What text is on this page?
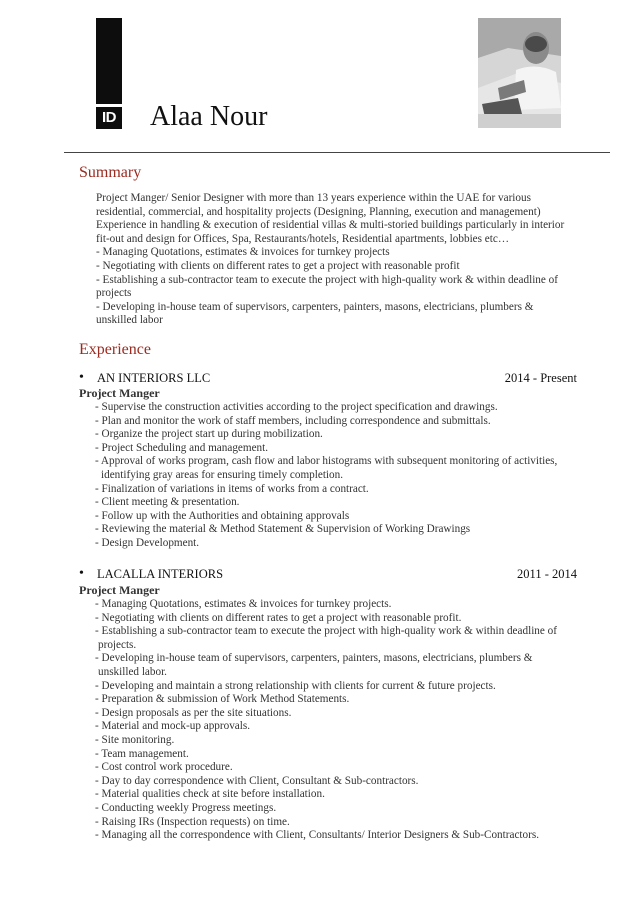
ID Alaa Nour
Summary
Project Manger/ Senior Designer with more than 13 years experience within the UAE for various
residential, commercial, and hospitality projects (Designing, Planning, execution and management)
Experience in handling & execution of residential villas & multi-storied buildings particularly in interior
fit-out and design for Offices, Spa, Restaurants/hotels, Residential apartments, lobbies etc…
- Managing Quotations, estimates & invoices for turnkey projects
- Negotiating with clients on different rates to get a project with reasonable profit
- Establishing a sub-contractor team to execute the project with high-quality work & within deadline of
projects
- Developing in-house team of supervisors, carpenters, painters, masons, electricians, plumbers &
unskilled labor
Experience
• AN INTERIORS LLC	2014 - Present
Project Manger
- Supervise the construction activities according to the project specification and drawings.
- Plan and monitor the work of staff members, including correspondence and submittals.
- Organize the project start up during mobilization.
- Project Scheduling and management.
- Approval of works program, cash flow and labor histograms with subsequent monitoring of activities,
identifying gray areas for ensuring timely completion.
- Finalization of variations in items of works from a contract.
- Client meeting & presentation.
- Follow up with the Authorities and obtaining approvals
- Reviewing the material & Method Statement & Supervision of Working Drawings
- Design Development.
• LACALLA INTERIORS	2011 - 2014
Project Manger
- Managing Quotations, estimates & invoices for turnkey projects.
- Negotiating with clients on different rates to get a project with reasonable profit.
- Establishing a sub-contractor team to execute the project with high-quality work & within deadline of
projects.
- Developing in-house team of supervisors, carpenters, painters, masons, electricians, plumbers &
unskilled labor.
- Developing and maintain a strong relationship with clients for current & future projects.
- Preparation & submission of Work Method Statements.
- Design proposals as per the site situations.
- Material and mock-up approvals.
- Site monitoring.
- Team management.
- Cost control work procedure.
- Day to day correspondence with Client, Consultant & Sub-contractors.
- Material qualities check at site before installation.
- Conducting weekly Progress meetings.
- Raising IRs (Inspection requests) on time.
- Managing all the correspondence with Client, Consultants/ Interior Designers & Sub-Contractors.
